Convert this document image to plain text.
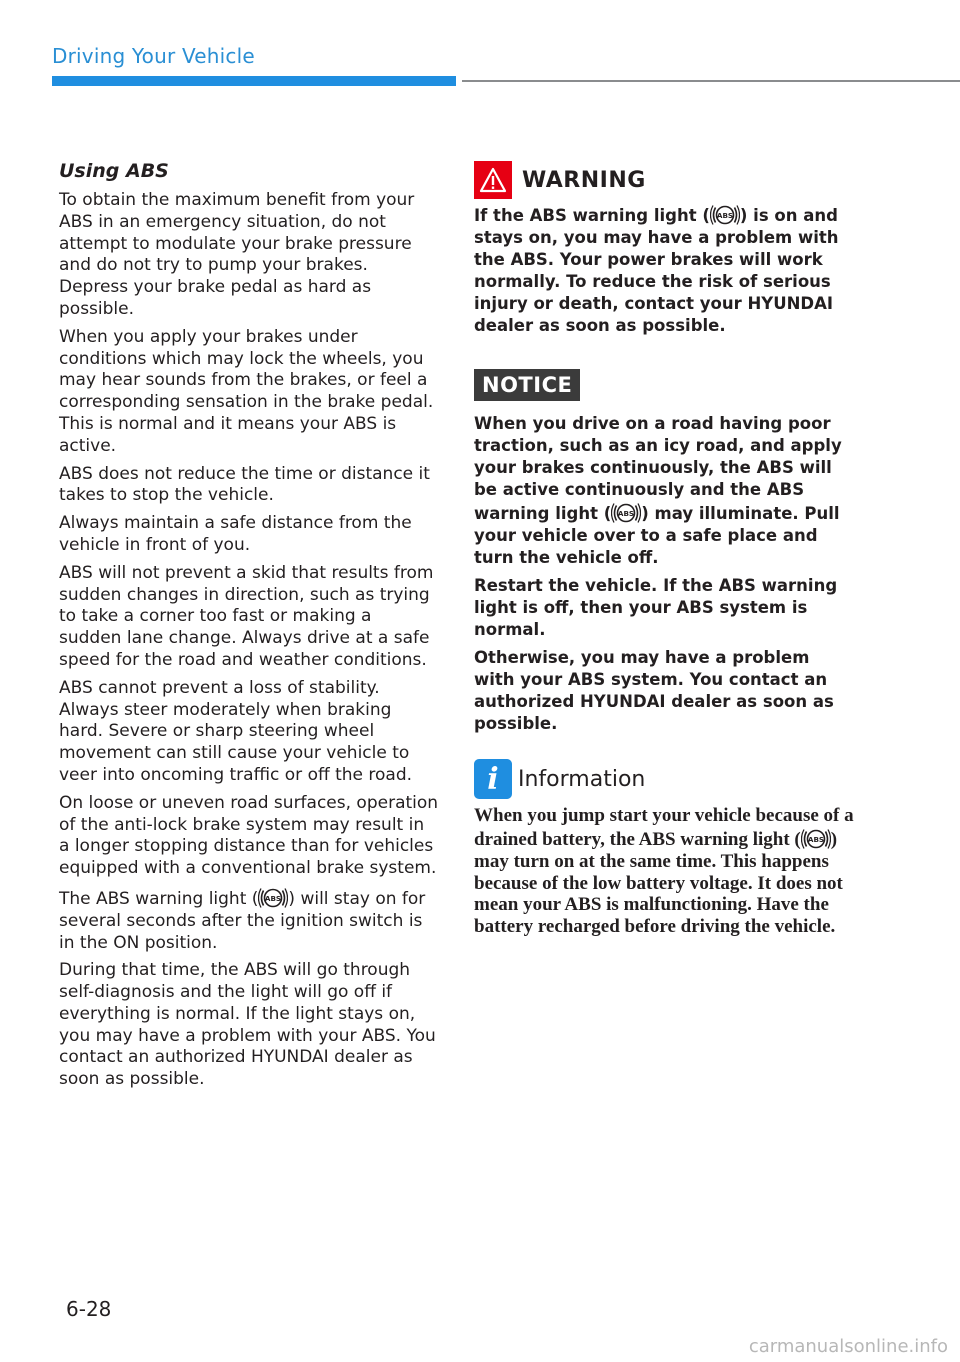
Driving Your Vehicle
Using ABS

To obtain the maximum benefit from your ABS in an emergency situation, do not attempt to modulate your brake pressure and do not try to pump your brakes. Depress your brake pedal as hard as possible.

When you apply your brakes under conditions which may lock the wheels, you may hear sounds from the brakes, or feel a corresponding sensation in the brake pedal. This is normal and it means your ABS is active.

ABS does not reduce the time or distance it takes to stop the vehicle.

Always maintain a safe distance from the vehicle in front of you.

ABS will not prevent a skid that results from sudden changes in direction, such as trying to take a corner too fast or making a sudden lane change. Always drive at a safe speed for the road and weather conditions.

ABS cannot prevent a loss of stability. Always steer moderately when braking hard. Severe or sharp steering wheel movement can still cause your vehicle to veer into oncoming traffic or off the road.

On loose or uneven road surfaces, operation of the anti-lock brake system may result in a longer stopping distance than for vehicles equipped with a conventional brake system.

The ABS warning light ( ) will stay on for several seconds after the ignition switch is in the ON position.

During that time, the ABS will go through self-diagnosis and the light will go off if everything is normal. If the light stays on, you may have a problem with your ABS. You contact an authorized HYUNDAI dealer as soon as possible.

WARNING

If the ABS warning light ( ) is on and stays on, you may have a problem with the ABS. Your power brakes will work normally. To reduce the risk of serious injury or death, contact your HYUNDAI dealer as soon as possible.

NOTICE

When you drive on a road having poor traction, such as an icy road, and apply your brakes continuously, the ABS will be active continuously and the ABS warning light ( ) may illuminate. Pull your vehicle over to a safe place and turn the vehicle off.

Restart the vehicle. If the ABS warning light is off, then your ABS system is normal.

Otherwise, you may have a problem with your ABS system. You contact an authorized HYUNDAI dealer as soon as possible.

i Information

When you jump start your vehicle because of a drained battery, the ABS warning light ( ) may turn on at the same time. This happens because of the low battery voltage. It does not mean your ABS is malfunctioning. Have the battery recharged before driving the vehicle.

6-28
carmanualsonline.info
